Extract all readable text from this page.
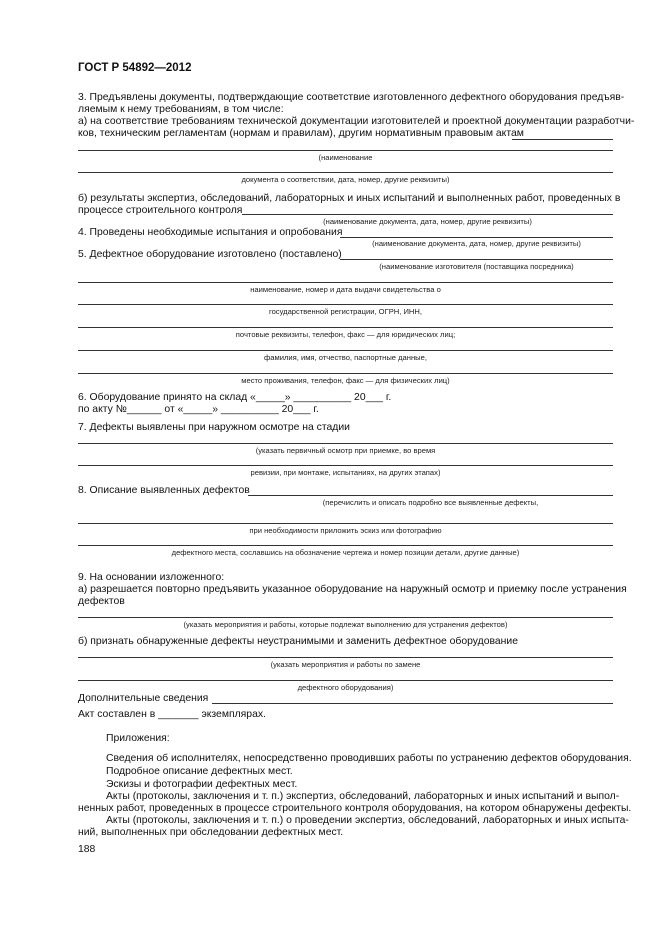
ГОСТ Р 54892—2012
3. Предъявлены документы, подтверждающие соответствие изготовленного дефектного оборудования предъяв-
ляемым к нему требованиям, в том числе:
а) на соответствие требованиям технической документации изготовителей и проектной документации разработчи-
ков, техническим регламентам (нормам и правилам), другим нормативным правовым актам
(наименование
документа о соответствии, дата, номер, другие реквизиты)
б) результаты экспертиз, обследований, лабораторных и иных испытаний и выполненных работ, проведенных в
процессе строительного контроля
(наименование документа, дата, номер, другие реквизиты)
4. Проведены необходимые испытания и опробования
(наименование документа, дата, номер, другие реквизиты)
5. Дефектное оборудование изготовлено (поставлено)
(наименование изготовителя (поставщика посредника)
наименование, номер и дата выдачи свидетельства о
государственной регистрации, ОГРН, ИНН,
почтовые реквизиты, телефон, факс — для юридических лиц;
фамилия, имя, отчество, паспортные данные,
место проживания, телефон, факс — для физических лиц)
6. Оборудование принято на склад «_____» __________ 20___ г.
по акту №______ от «_____» __________ 20___ г.
7. Дефекты выявлены при наружном осмотре на стадии
(указать первичный осмотр при приемке, во время
ревизии, при монтаже, испытаниях, на других этапах)
8. Описание выявленных дефектов
(перечислить и описать подробно все выявленные дефекты,
при необходимости приложить эскиз или фотографию
дефектного места, сославшись на обозначение чертежа и номер позиции детали, другие данные)
9. На основании изложенного:
а) разрешается повторно предъявить указанное оборудование на наружный осмотр и приемку после устранения
дефектов
(указать мероприятия и работы, которые подлежат выполнению для устранения дефектов)
б) признать обнаруженные дефекты неустранимыми и заменить дефектное оборудование
(указать мероприятия и работы по замене
дефектного оборудования)
Дополнительные сведения
Акт составлен в _______ экземплярах.
Приложения:
Сведения об исполнителях, непосредственно проводивших работы по устранению дефектов оборудования.
Подробное описание дефектных мест.
Эскизы и фотографии дефектных мест.
Акты (протоколы, заключения и т. п.) экспертиз, обследований, лабораторных и иных испытаний и выпол-
ненных работ, проведенных в процессе строительного контроля оборудования, на котором обнаружены дефекты.
Акты (протоколы, заключения и т. п.) о проведении экспертиз, обследований, лабораторных и иных испыта-
ний, выполненных при обследовании дефектных мест.
188
